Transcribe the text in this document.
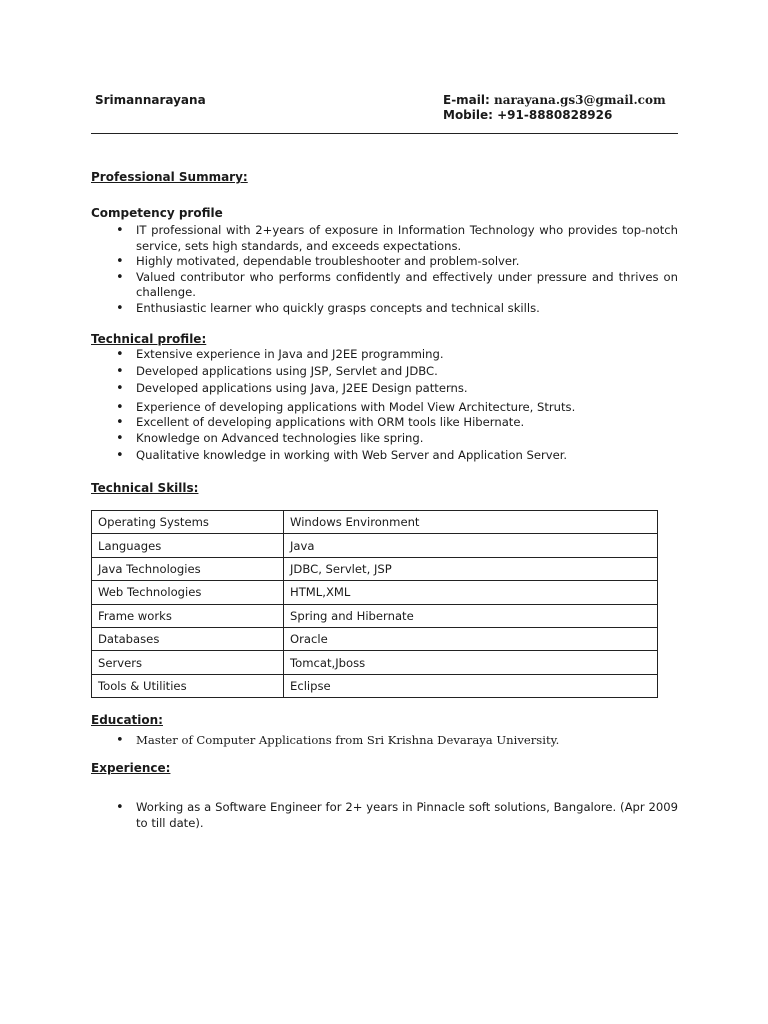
Srimannarayana	E-mail: narayana.gs3@gmail.com
Mobile: +91-8880828926
Professional Summary:
Competency profile
• IT professional with 2+years of exposure in Information Technology who provides top-notch service, sets high standards, and exceeds expectations.
• Highly motivated, dependable troubleshooter and problem-solver.
• Valued contributor who performs confidently and effectively under pressure and thrives on challenge.
• Enthusiastic learner who quickly grasps concepts and technical skills.
Technical profile:
• Extensive experience in Java and J2EE programming.
• Developed applications using JSP, Servlet and JDBC.
• Developed applications using Java, J2EE Design patterns.
• Experience of developing applications with Model View Architecture, Struts.
• Excellent of developing applications with ORM tools like Hibernate.
• Knowledge on Advanced technologies like spring.
• Qualitative knowledge in working with Web Server and Application Server.
Technical Skills:
Operating Systems	Windows Environment
Languages	Java
Java Technologies	JDBC, Servlet, JSP
Web Technologies	HTML,XML
Frame works	Spring and Hibernate
Databases	Oracle
Servers	Tomcat,Jboss
Tools & Utilities	Eclipse
Education:
• Master of Computer Applications from Sri Krishna Devaraya University.
Experience:
• Working as a Software Engineer for 2+ years in Pinnacle soft solutions, Bangalore. (Apr 2009 to till date).
